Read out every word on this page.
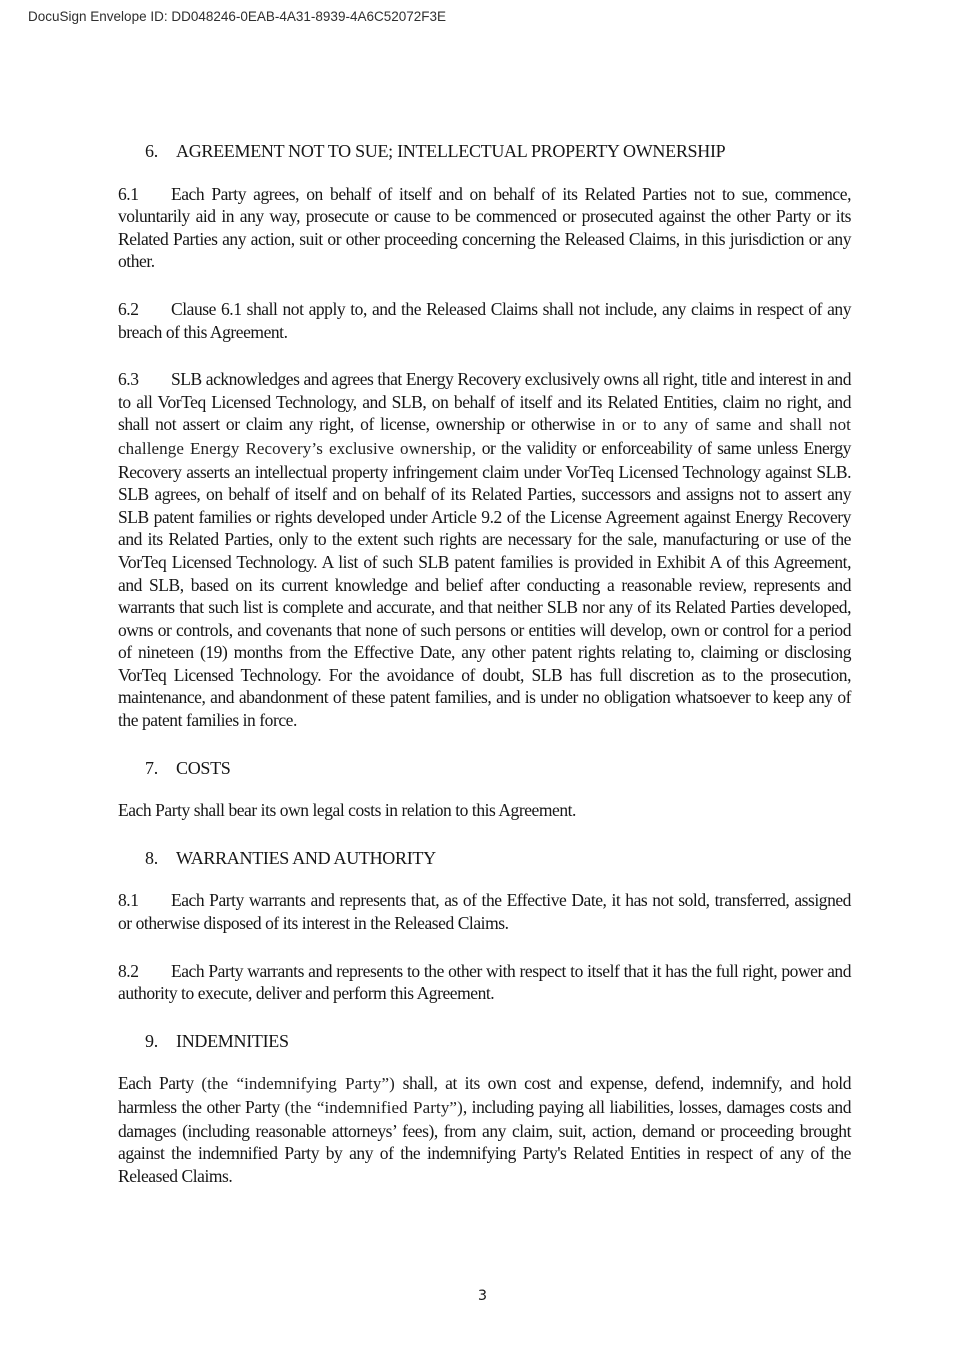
DocuSign Envelope ID: DD048246-0EAB-4A31-8939-4A6C52072F3E
6. AGREEMENT NOT TO SUE; INTELLECTUAL PROPERTY OWNERSHIP

6.1 Each Party agrees, on behalf of itself and on behalf of its Related Parties not to sue, commence, voluntarily aid in any way, prosecute or cause to be commenced or prosecuted against the other Party or its Related Parties any action, suit or other proceeding concerning the Released Claims, in this jurisdiction or any other.

6.2 Clause 6.1 shall not apply to, and the Released Claims shall not include, any claims in respect of any breach of this Agreement.

6.3 SLB acknowledges and agrees that Energy Recovery exclusively owns all right, title and interest in and to all VorTeq Licensed Technology, and SLB, on behalf of itself and its Related Entities, claim no right, and shall not assert or claim any right, of license, ownership or otherwise in or to any of same and shall not challenge Energy Recovery’s exclusive ownership, or the validity or enforceability of same unless Energy Recovery asserts an intellectual property infringement claim under VorTeq Licensed Technology against SLB. SLB agrees, on behalf of itself and on behalf of its Related Parties, successors and assigns not to assert any SLB patent families or rights developed under Article 9.2 of the License Agreement against Energy Recovery and its Related Parties, only to the extent such rights are necessary for the sale, manufacturing or use of the VorTeq Licensed Technology. A list of such SLB patent families is provided in Exhibit A of this Agreement, and SLB, based on its current knowledge and belief after conducting a reasonable review, represents and warrants that such list is complete and accurate, and that neither SLB nor any of its Related Parties developed, owns or controls, and covenants that none of such persons or entities will develop, own or control for a period of nineteen (19) months from the Effective Date, any other patent rights relating to, claiming or disclosing VorTeq Licensed Technology. For the avoidance of doubt, SLB has full discretion as to the prosecution, maintenance, and abandonment of these patent families, and is under no obligation whatsoever to keep any of the patent families in force.

7. COSTS

Each Party shall bear its own legal costs in relation to this Agreement.

8. WARRANTIES AND AUTHORITY

8.1 Each Party warrants and represents that, as of the Effective Date, it has not sold, transferred, assigned or otherwise disposed of its interest in the Released Claims.

8.2 Each Party warrants and represents to the other with respect to itself that it has the full right, power and authority to execute, deliver and perform this Agreement.

9. INDEMNITIES

Each Party (the “indemnifying Party”) shall, at its own cost and expense, defend, indemnify, and hold harmless the other Party (the “indemnified Party”), including paying all liabilities, losses, damages costs and damages (including reasonable attorneys’ fees), from any claim, suit, action, demand or proceeding brought against the indemnified Party by any of the indemnifying Party's Related Entities in respect of any of the Released Claims.

3
